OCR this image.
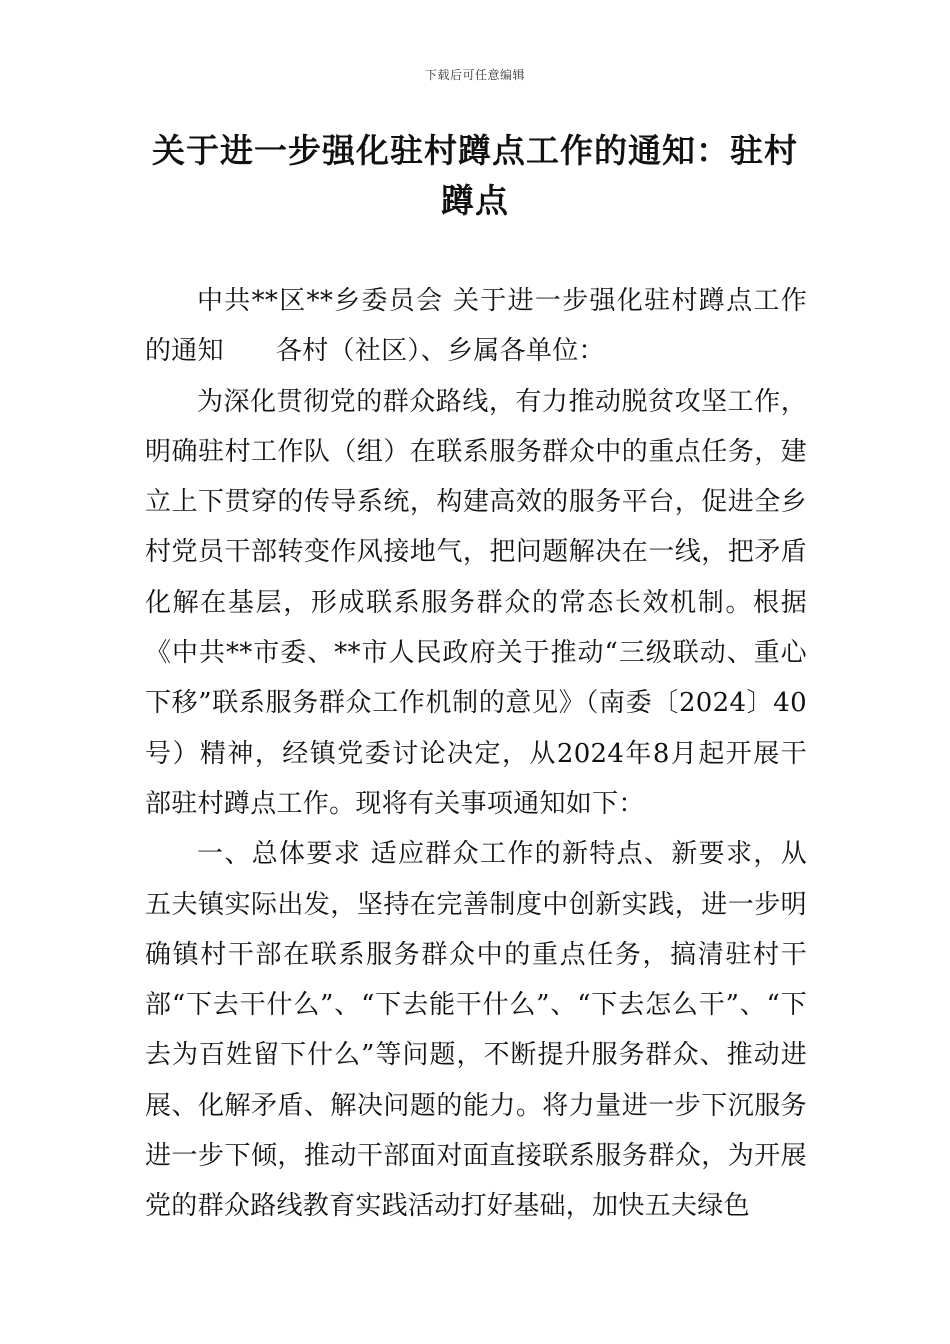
下载后可任意编辑
关于进一步强化驻村蹲点工作的通知：驻村蹲点

中共**区**乡委员会 关于进一步强化驻村蹲点工作的通知 各村（社区）、乡属各单位：

为深化贯彻党的群众路线，有力推动脱贫攻坚工作，明确驻村工作队（组）在联系服务群众中的重点任务，建立上下贯穿的传导系统，构建高效的服务平台，促进全乡村党员干部转变作风接地气，把问题解决在一线，把矛盾化解在基层，形成联系服务群众的常态长效机制。根据《中共**市委、**市人民政府关于推动“三级联动、重心下移”联系服务群众工作机制的意见》（南委〔2024〕40号）精神，经镇党委讨论决定，从2024年8月起开展干部驻村蹲点工作。现将有关事项通知如下：

一、总体要求 适应群众工作的新特点、新要求，从五夫镇实际出发，坚持在完善制度中创新实践，进一步明确镇村干部在联系服务群众中的重点任务，搞清驻村干部“下去干什么”、“下去能干什么”、“下去怎么干”、“下去为百姓留下什么”等问题，不断提升服务群众、推动进展、化解矛盾、解决问题的能力。将力量进一步下沉服务进一步下倾，推动干部面对面直接联系服务群众，为开展党的群众路线教育实践活动打好基础，加快五夫绿色
